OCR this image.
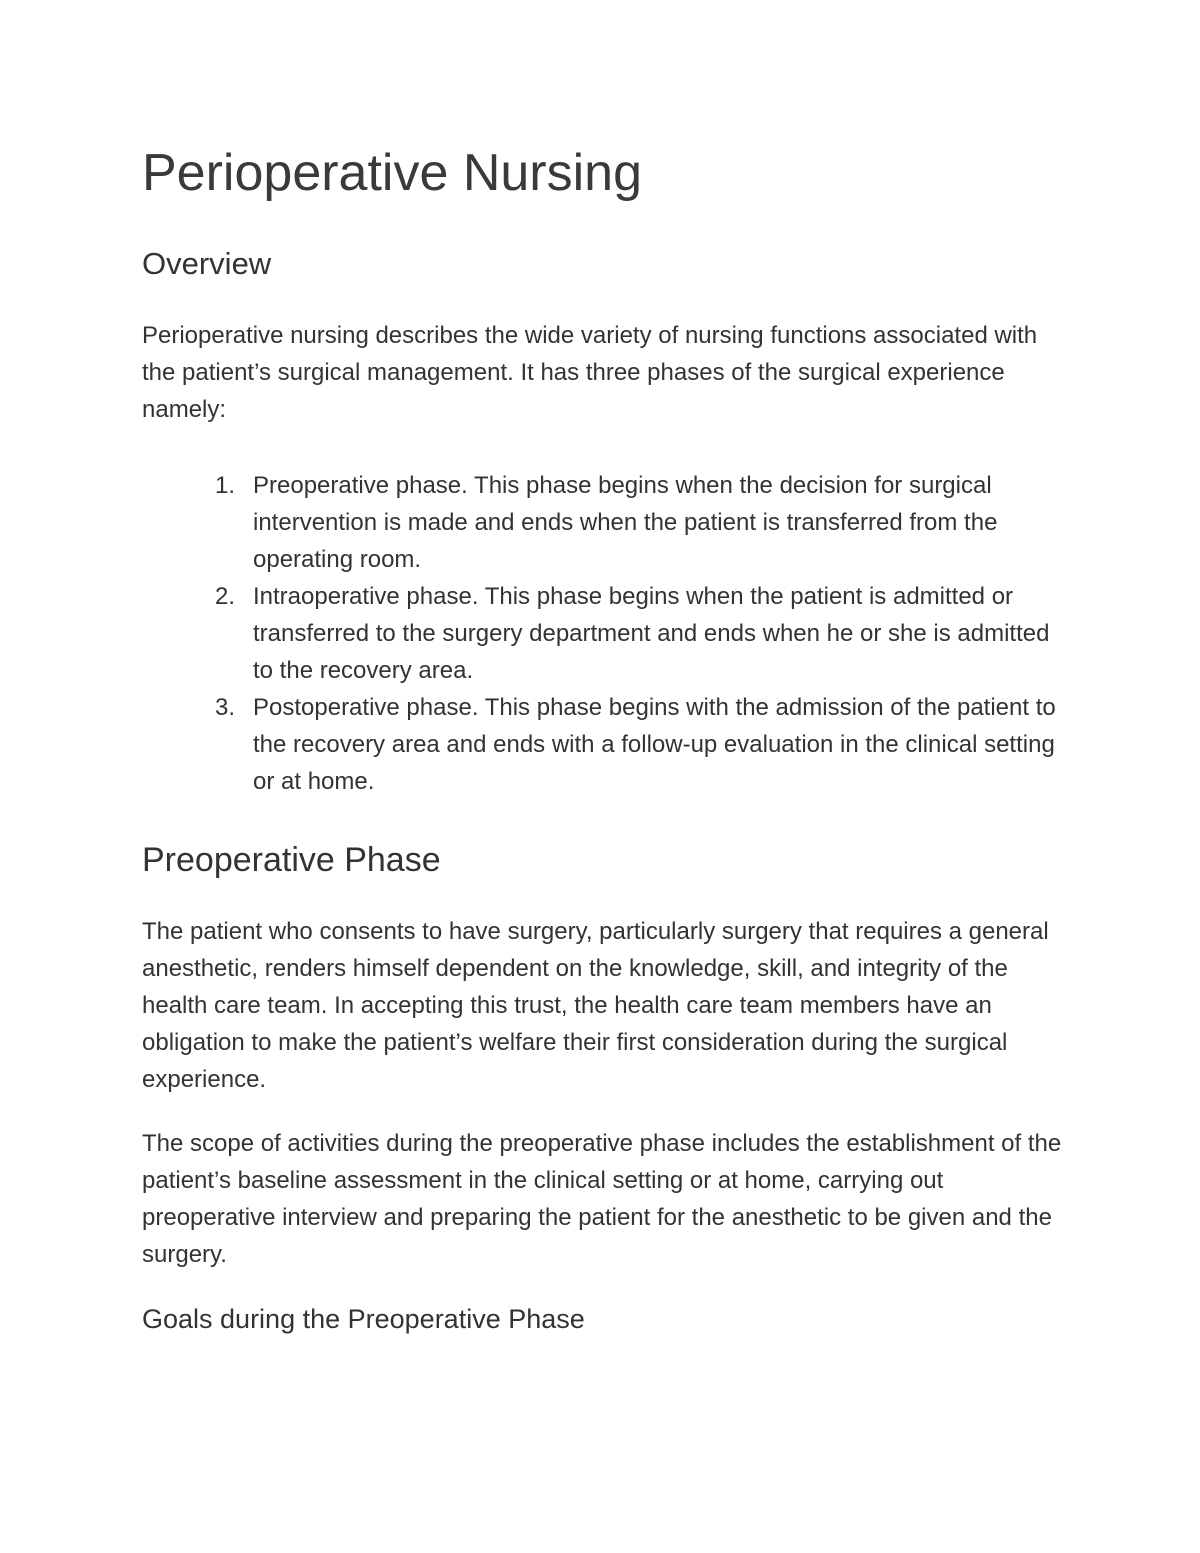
Perioperative Nursing
Overview

Perioperative nursing describes the wide variety of nursing functions associated with the patient’s surgical management. It has three phases of the surgical experience namely:

1. Preoperative phase. This phase begins when the decision for surgical intervention is made and ends when the patient is transferred from the operating room.
2. Intraoperative phase. This phase begins when the patient is admitted or transferred to the surgery department and ends when he or she is admitted to the recovery area.
3. Postoperative phase. This phase begins with the admission of the patient to the recovery area and ends with a follow-up evaluation in the clinical setting or at home.
Preoperative Phase

The patient who consents to have surgery, particularly surgery that requires a general anesthetic, renders himself dependent on the knowledge, skill, and integrity of the health care team. In accepting this trust, the health care team members have an obligation to make the patient’s welfare their first consideration during the surgical experience.

The scope of activities during the preoperative phase includes the establishment of the patient’s baseline assessment in the clinical setting or at home, carrying out preoperative interview and preparing the patient for the anesthetic to be given and the surgery.

Goals during the Preoperative Phase
